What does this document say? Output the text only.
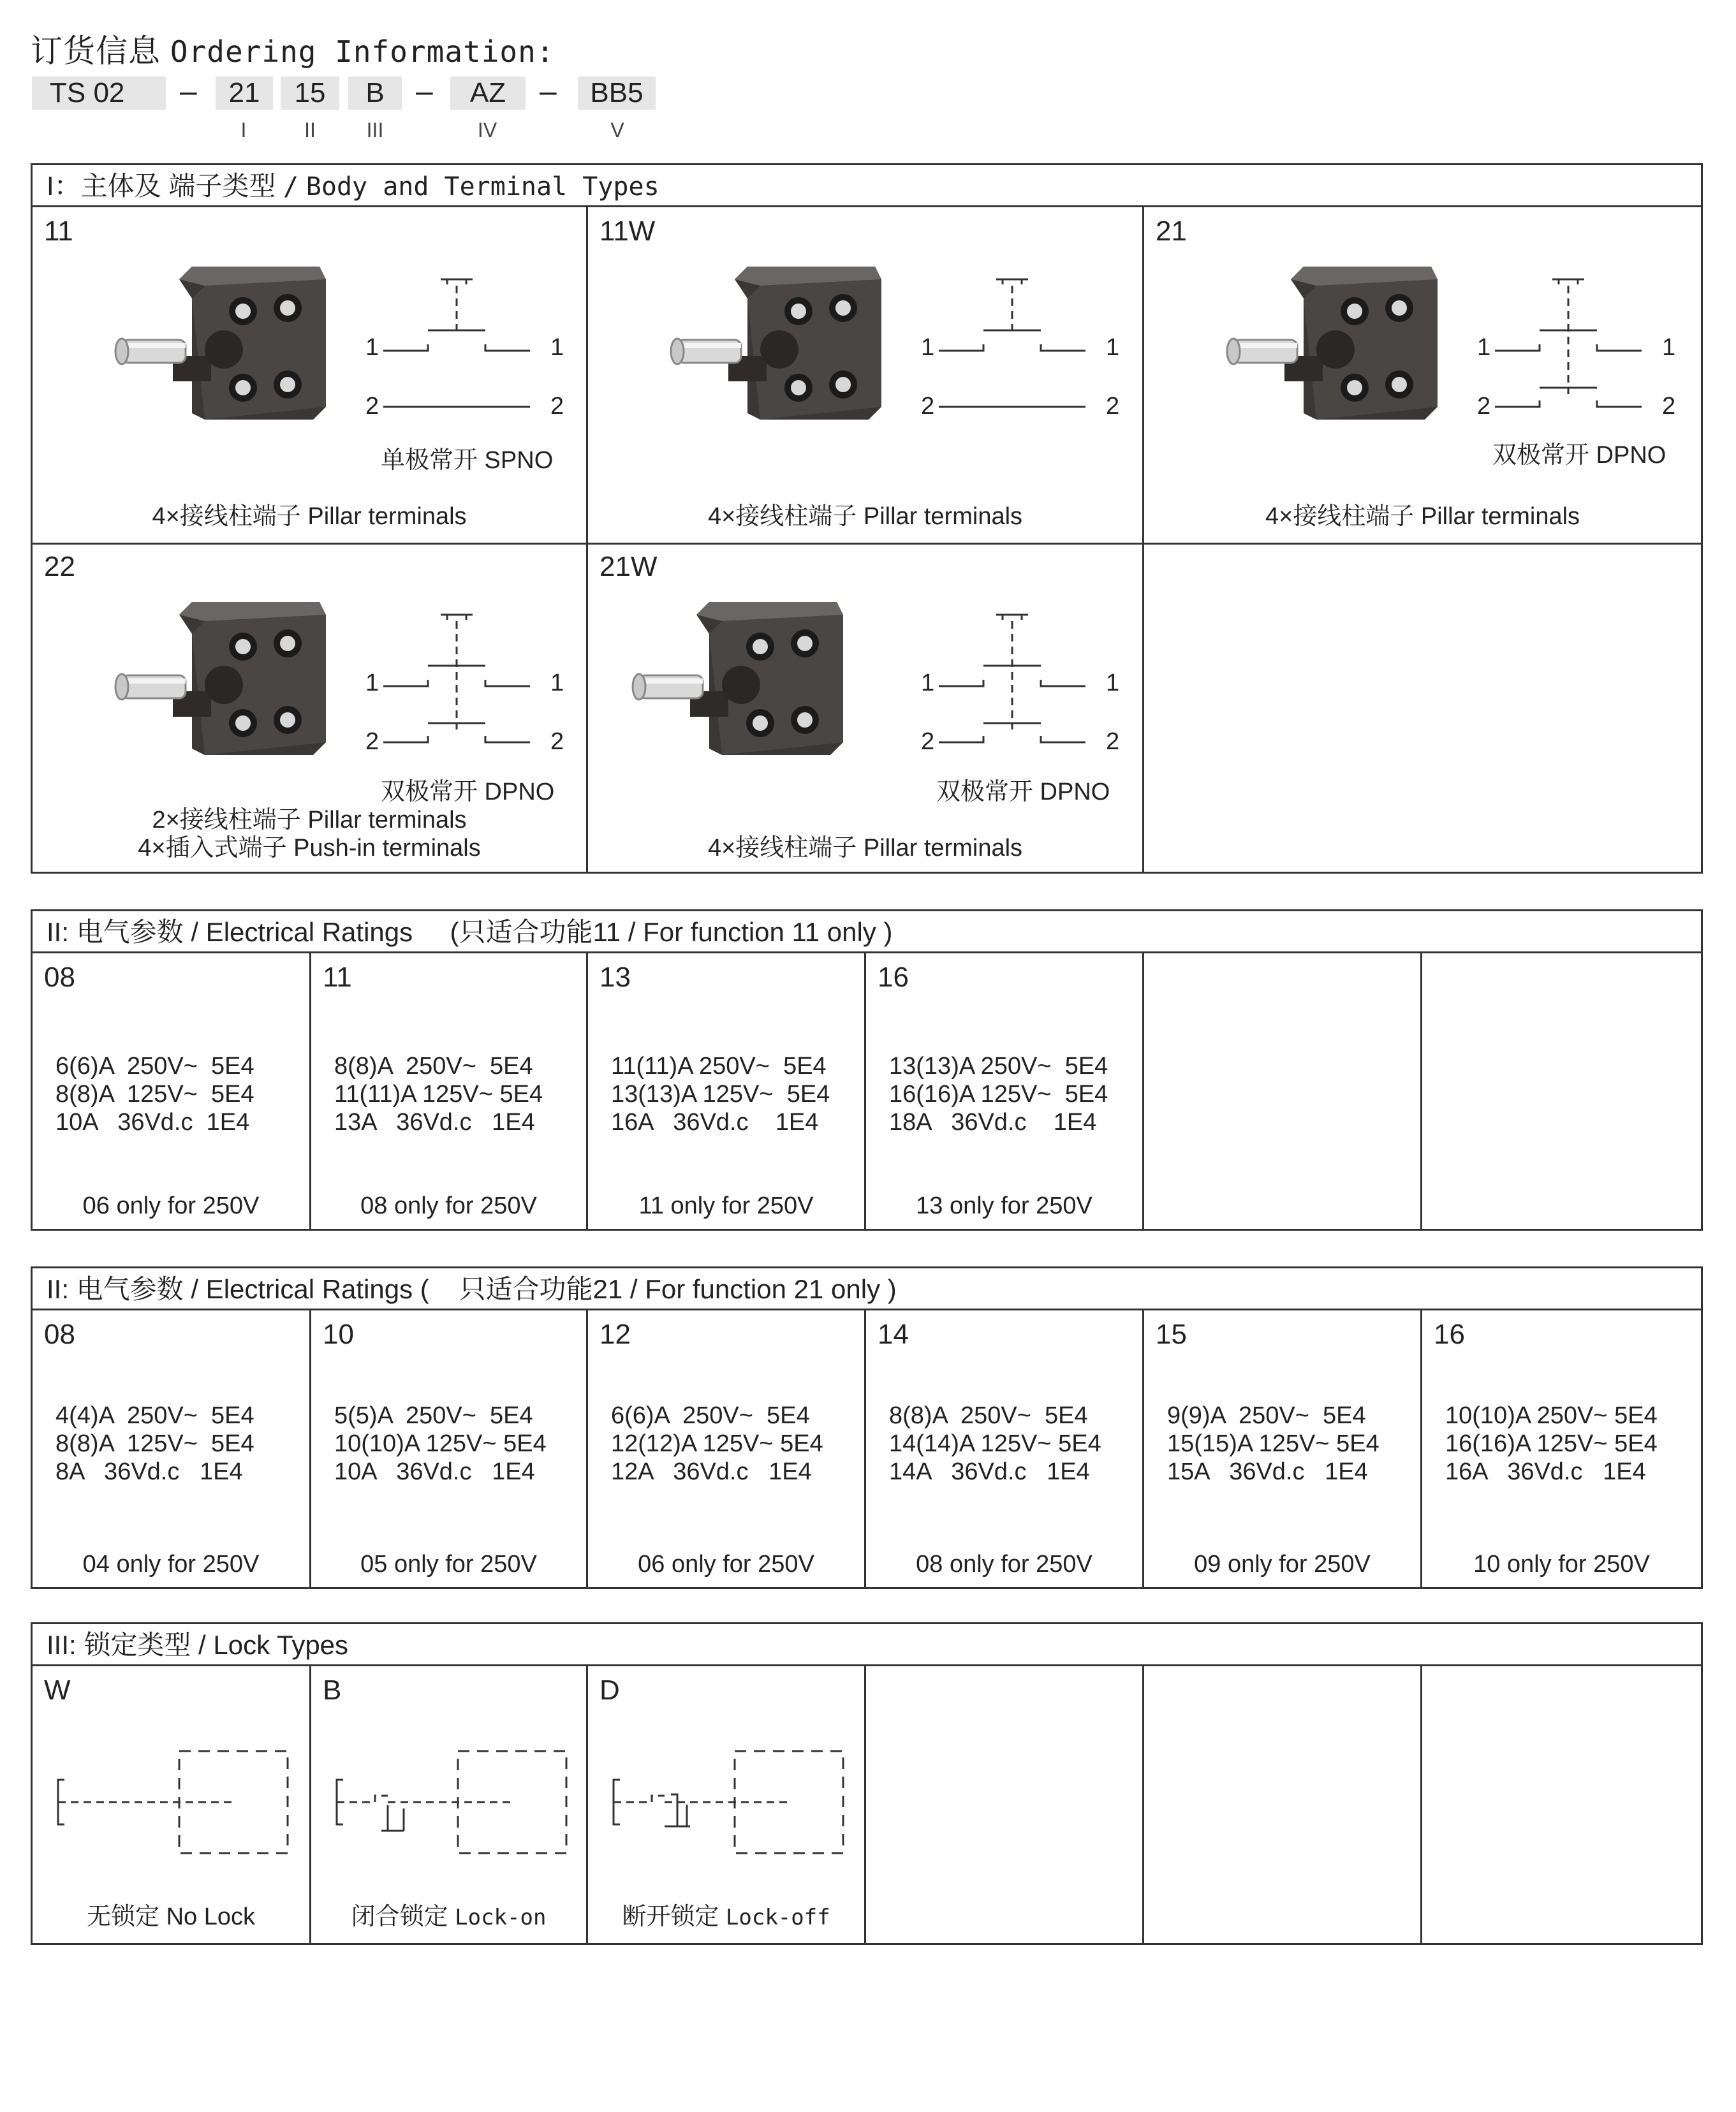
订货信息 Ordering Information:
TS 02	–	21	15	B	–	AZ	–	BB5
I	II	III	IV	V
I：主体及 端子类型 / Body and Terminal Types
11
1	1
2	2
单极常开 SPNO
4×接线柱端子 Pillar terminals
11W
1	1
2	2
4×接线柱端子 Pillar terminals
21
1	1
2	2
双极常开 DPNO
4×接线柱端子 Pillar terminals
22
1	1
2	2
双极常开 DPNO
2×接线柱端子 Pillar terminals
4×插入式端子 Push-in terminals
21W
1	1
2	2
双极常开 DPNO
4×接线柱端子 Pillar terminals
II: 电气参数 / Electrical Ratings (只适合功能11 / For function 11 only )
08
6(6)A  250V~  5E4
8(8)A  125V~  5E4
10A   36Vd.c  1E4
06 only for 250V
11
8(8)A  250V~  5E4
11(11)A 125V~ 5E4
13A   36Vd.c   1E4
08 only for 250V
13
11(11)A 250V~  5E4
13(13)A 125V~  5E4
16A   36Vd.c    1E4
11 only for 250V
16
13(13)A 250V~  5E4
16(16)A 125V~  5E4
18A   36Vd.c    1E4
13 only for 250V
II: 电气参数 / Electrical Ratings ( 只适合功能21 / For function 21 only )
08
4(4)A  250V~  5E4
8(8)A  125V~  5E4
8A   36Vd.c   1E4
04 only for 250V
10
5(5)A  250V~  5E4
10(10)A 125V~ 5E4
10A   36Vd.c   1E4
05 only for 250V
12
6(6)A  250V~  5E4
12(12)A 125V~ 5E4
12A   36Vd.c   1E4
06 only for 250V
14
8(8)A  250V~  5E4
14(14)A 125V~ 5E4
14A   36Vd.c   1E4
08 only for 250V
15
9(9)A  250V~  5E4
15(15)A 125V~ 5E4
15A   36Vd.c   1E4
09 only for 250V
16
10(10)A 250V~ 5E4
16(16)A 125V~ 5E4
16A   36Vd.c   1E4
10 only for 250V
III: 锁定类型 / Lock Types
W
无锁定 No Lock
B
闭合锁定 Lock-on
D
断开锁定 Lock-off
